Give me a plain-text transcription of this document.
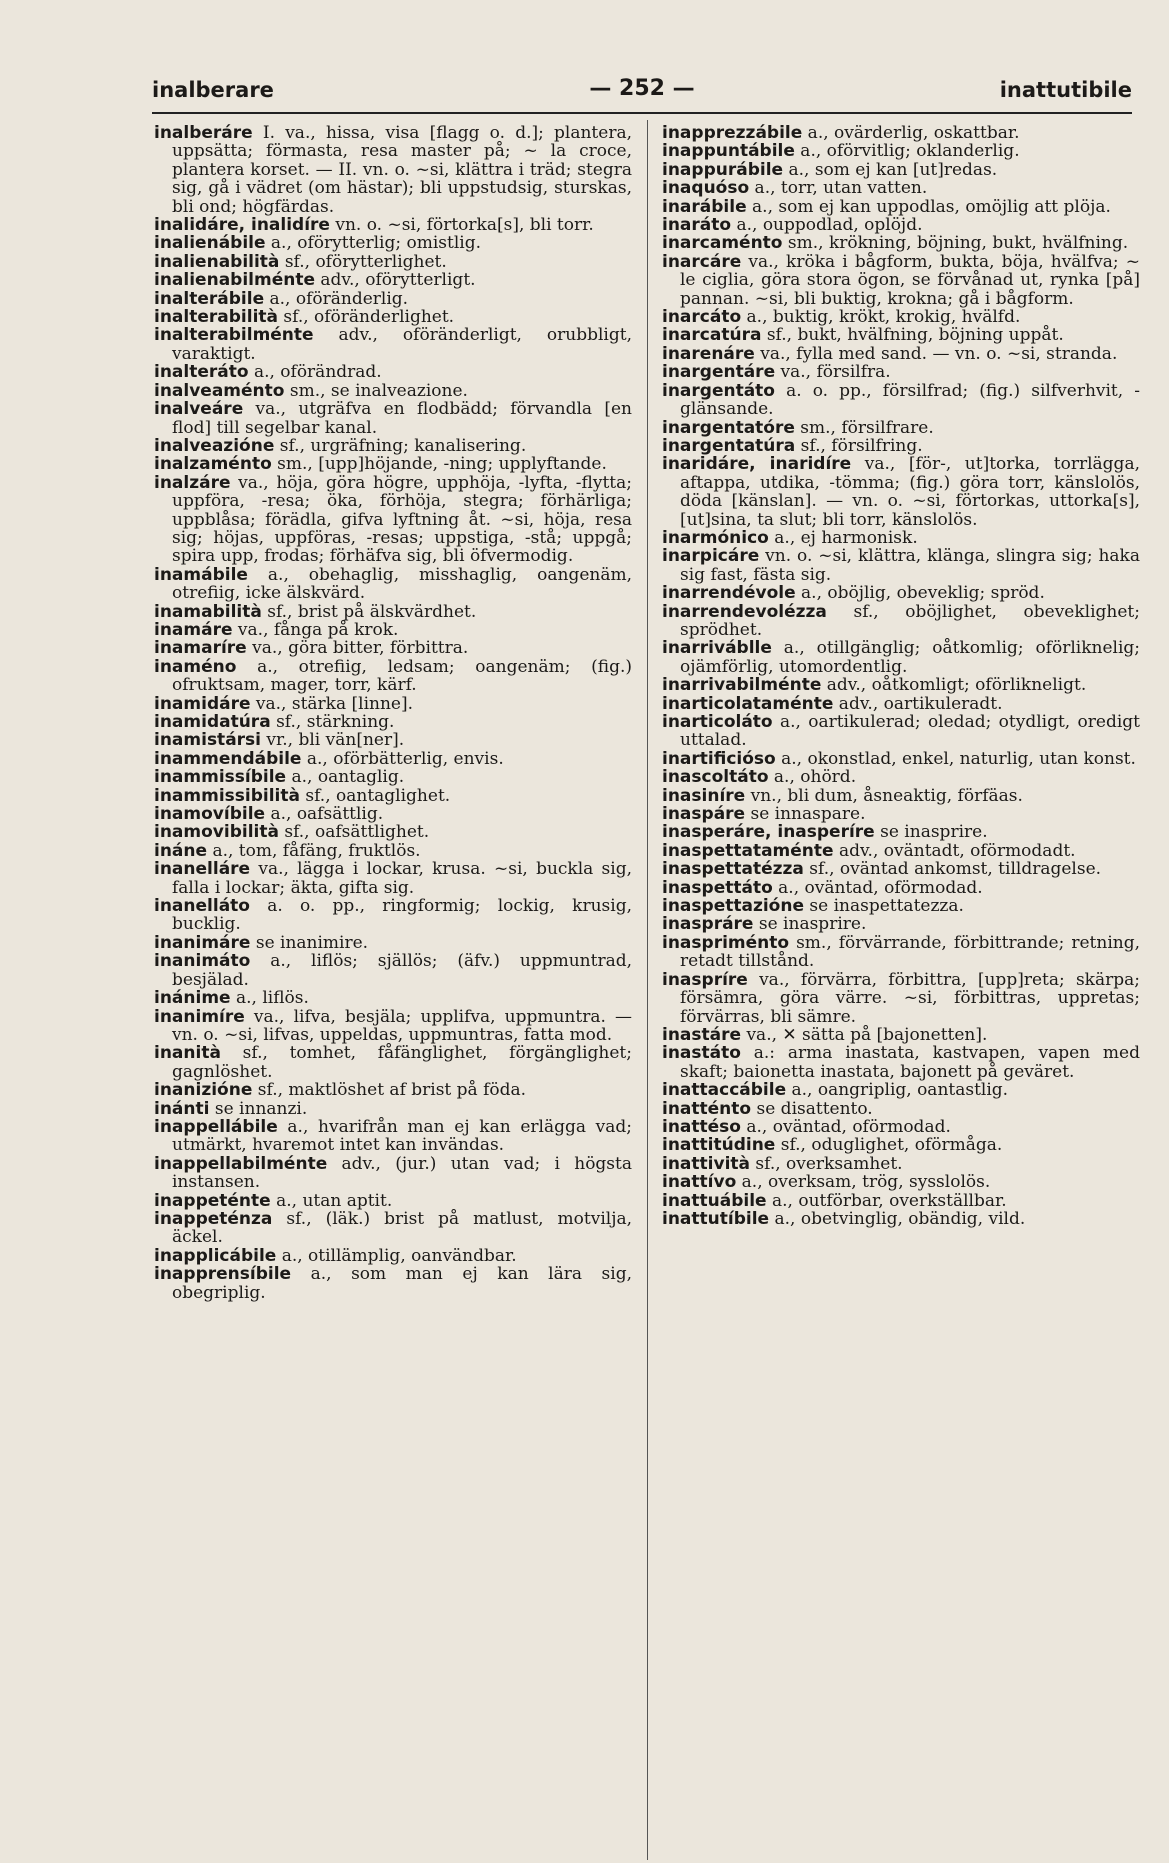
inalberare	— 252 —	inattutibile
inalberáre I. va., hissa, visa [flagg o. d.]; plantera, uppsätta; förmasta, resa master på; ~ la croce, plantera korset. — II. vn. o. ~si, klättra i träd; stegra sig, gå i vädret (om hästar); bli uppstudsig, sturskas, bli ond; högfärdas.
inalidáre, inalidíre vn. o. ~si, förtorka[s], bli torr.
inalienábile a., oförytterlig; omistlig.
inalienabilità sf., oförytterlighet.
inalienabilménte adv., oförytterligt.
inalterábile a., oföränderlig.
inalterabilità sf., oföränderlighet.
inalterabilménte adv., oföränderligt, orubbligt, varaktigt.
inalteráto a., oförändrad.
inalveaménto sm., se inalveazione.
inalveáre va., utgräfva en flodbädd; förvandla [en flod] till segelbar kanal.
inalveazióne sf., urgräfning; kanalisering.
inalzaménto sm., [upp]höjande, -ning; upplyftande.
inalzáre va., höja, göra högre, upphöja, -lyfta, -flytta; uppföra, -resa; öka, förhöja, stegra; förhärliga; uppblåsa; förädla, gifva lyftning åt. ~si, höja, resa sig; höjas, uppföras, -resas; uppstiga, -stå; uppgå; spira upp, frodas; förhäfva sig, bli öfvermodig.
inamábile a., obehaglig, misshaglig, oangenäm, otrefiig, icke älskvärd.
inamabilità sf., brist på älskvärdhet.
inamáre va., fånga på krok.
inamaríre va., göra bitter, förbittra.
inaméno a., otrefiig, ledsam; oangenäm; (fig.) ofruktsam, mager, torr, kärf.
inamidáre va., stärka [linne].
inamidatúra sf., stärkning.
inamistársi vr., bli vän[ner].
inammendábile a., oförbätterlig, envis.
inammissíbile a., oantaglig.
inammissibilità sf., oantaglighet.
inamovíbile a., oafsättlig.
inamovibilità sf., oafsättlighet.
ináne a., tom, fåfäng, fruktlös.
inanelláre va., lägga i lockar, krusa. ~si, buckla sig, falla i lockar; äkta, gifta sig.
inanelláto a. o. pp., ringformig; lockig, krusig, bucklig.
inanimáre se inanimire.
inanimáto a., liflös; själlös; (äfv.) uppmuntrad, besjälad.
inánime a., liflös.
inanimíre va., lifva, besjäla; upplifva, uppmuntra. — vn. o. ~si, lifvas, uppeldas, uppmuntras, fatta mod.
inanità sf., tomhet, fåfänglighet, förgänglighet; gagnlöshet.
inanizióne sf., maktlöshet af brist på föda.
inánti se innanzi.
inappellábile a., hvarifrån man ej kan erlägga vad; utmärkt, hvaremot intet kan invändas.
inappellabilménte adv., (jur.) utan vad; i högsta instansen.
inappeténte a., utan aptit.
inappeténza sf., (läk.) brist på matlust, motvilja, äckel.
inapplicábile a., otillämplig, oanvändbar.
inapprensíbile a., som man ej kan lära sig, obegriplig.
inapprezzábile a., ovärderlig, oskattbar.
inappuntábile a., oförvitlig; oklanderlig.
inappurábile a., som ej kan [ut]redas.
inaquóso a., torr, utan vatten.
inarábile a., som ej kan uppodlas, omöjlig att plöja.
inaráto a., ouppodlad, oplöjd.
inarcaménto sm., krökning, böjning, bukt, hvälfning.
inarcáre va., kröka i bågform, bukta, böja, hvälfva; ~ le ciglia, göra stora ögon, se förvånad ut, rynka [på] pannan. ~si, bli buktig, krokna; gå i bågform.
inarcáto a., buktig, krökt, krokig, hvälfd.
inarcatúra sf., bukt, hvälfning, böjning uppåt.
inarenáre va., fylla med sand. — vn. o. ~si, stranda.
inargentáre va., försilfra.
inargentáto a. o. pp., försilfrad; (fig.) silfverhvit, -glänsande.
inargentatóre sm., försilfrare.
inargentatúra sf., försilfring.
inaridáre, inaridíre va., [för-, ut]torka, torrlägga, aftappa, utdika, -tömma; (fig.) göra torr, känslolös, döda [känslan]. — vn. o. ~si, förtorkas, uttorka[s], [ut]sina, ta slut; bli torr, känslolös.
inarmónico a., ej harmonisk.
inarpicáre vn. o. ~si, klättra, klänga, slingra sig; haka sig fast, fästa sig.
inarrendévole a., oböjlig, obeveklig; spröd.
inarrendevolézza sf., oböjlighet, obeveklighet; sprödhet.
inarriváblle a., otillgänglig; oåtkomlig; oförliknelig; ojämförlig, utomordentlig.
inarrivabilménte adv., oåtkomligt; oförlikneligt.
inarticolataménte adv., oartikuleradt.
inarticoláto a., oartikulerad; oledad; otydligt, oredigt uttalad.
inartificióso a., okonstlad, enkel, naturlig, utan konst.
inascoltáto a., ohörd.
inasiníre vn., bli dum, åsneaktig, förfäas.
inaspáre se innaspare.
inasperáre, inasperíre se inasprire.
inaspettataménte adv., oväntadt, oförmodadt.
inaspettatézza sf., oväntad ankomst, tilldragelse.
inaspettáto a., oväntad, oförmodad.
inaspettazióne se inaspettatezza.
inaspráre se inasprire.
inaspriménto sm., förvärrande, förbittrande; retning, retadt tillstånd.
inaspríre va., förvärra, förbittra, [upp]reta; skärpa; försämra, göra värre. ~si, förbittras, uppretas; förvärras, bli sämre.
inastáre va., ✕ sätta på [bajonetten].
inastáto a.: arma inastata, kastvapen, vapen med skaft; baionetta inastata, bajonett på geväret.
inattaccábile a., oangriplig, oantastlig.
inatténto se disattento.
inattéso a., oväntad, oförmodad.
inattitúdine sf., oduglighet, oförmåga.
inattività sf., overksamhet.
inattívo a., overksam, trög, sysslolös.
inattuábile a., outförbar, overkställbar.
inattutíbile a., obetvinglig, obändig, vild.
